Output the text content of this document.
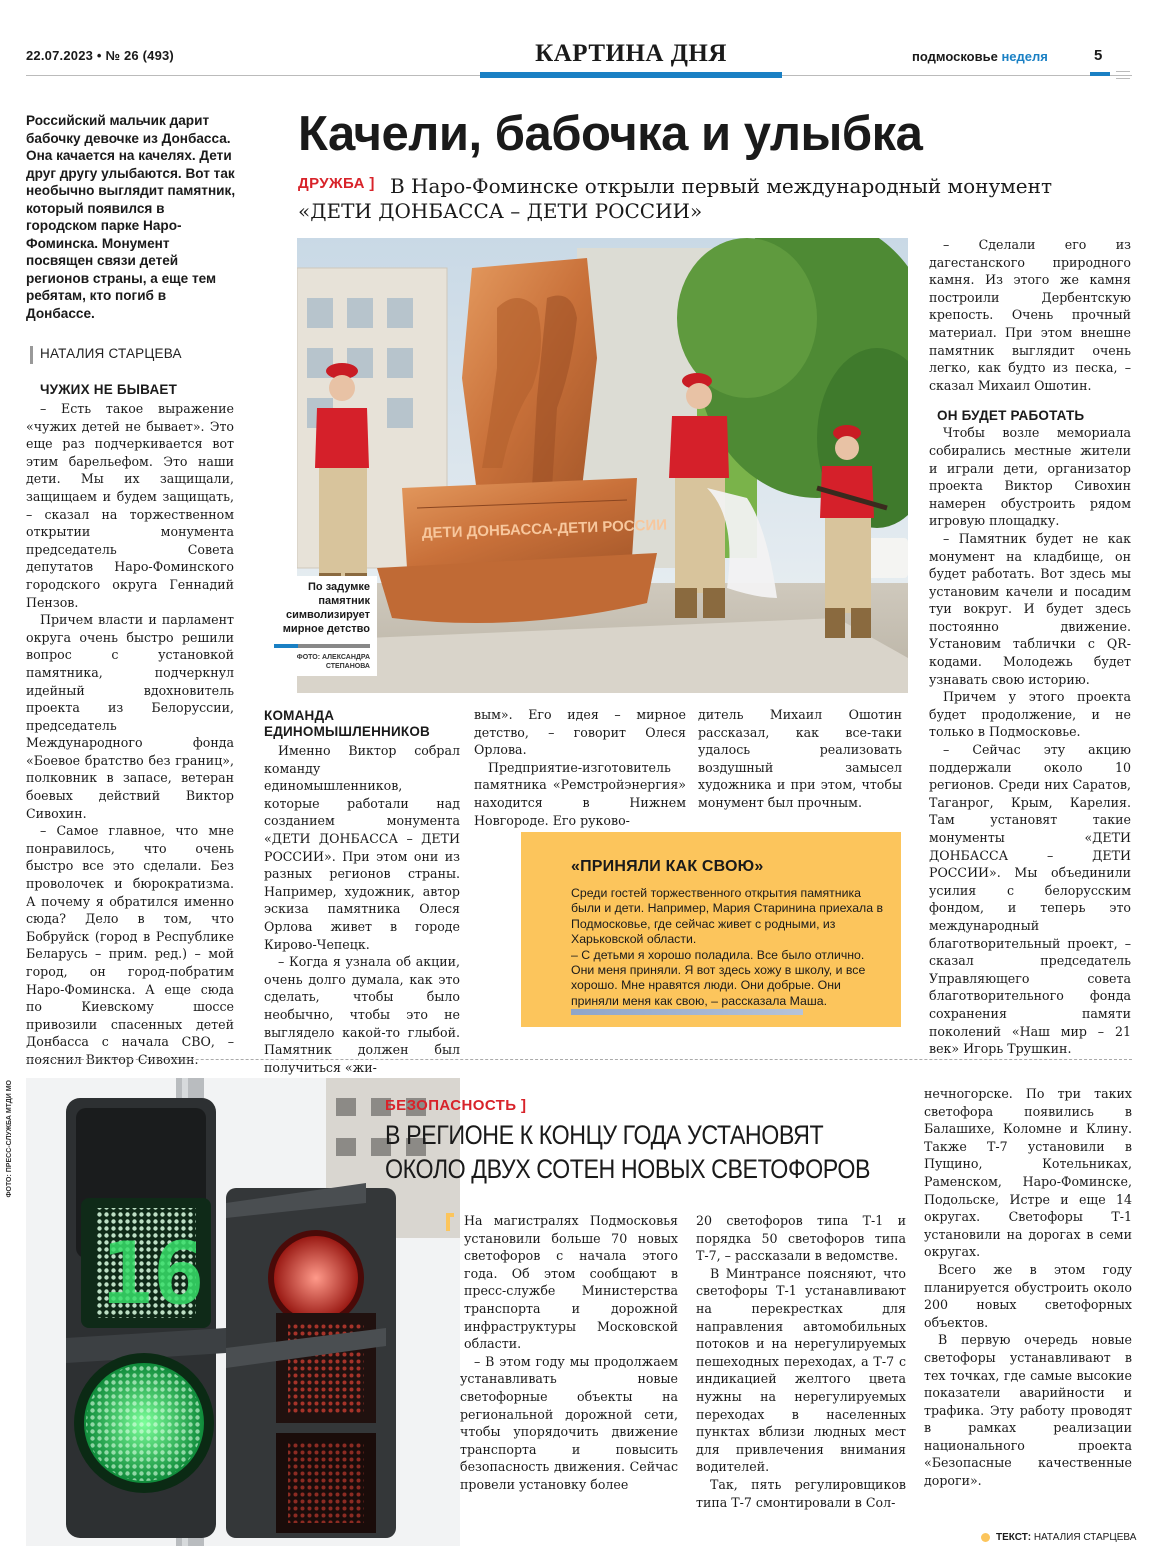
22.07.2023 • № 26 (493)	КАРТИНА ДНЯ	подмосковье неделя	5
Российский мальчик дарит бабочку девочке из Донбасса. Она качается на качелях. Дети друг другу улыбаются. Вот так необычно выглядит памятник, который появился в городском парке Наро-Фоминска. Монумент посвящен связи детей регионов страны, а еще тем ребятам, кто погиб в Донбассе.
НАТАЛИЯ СТАРЦЕВА
Качели, бабочка и улыбка
В Наро-Фоминске открыли первый международный монумент «ДЕТИ ДОНБАССА – ДЕТИ РОССИИ»
ДРУЖБА ]
ДЕТИ ДОНБАССА-ДЕТИ РОССИИ
По задумке памятник символизирует мирное детство
ФОТО: АЛЕКСАНДРА СТЕПАНОВА
ЧУЖИХ НЕ БЫВАЕТ

– Есть такое выражение «чужих детей не бывает». Это еще раз подчеркивается вот этим барельефом. Это наши дети. Мы их защищали, защищаем и будем защищать, – сказал на торжественном открытии монумента председатель Совета депутатов Наро-Фоминского городского округа Геннадий Пензов.

Причем власти и парламент округа очень быстро решили вопрос с установкой памятника, подчеркнул идейный вдохновитель проекта из Белоруссии, председатель Международного фонда «Боевое братство без границ», полковник в запасе, ветеран боевых действий Виктор Сивохин.

– Самое главное, что мне понравилось, что очень быстро все это сделали. Без проволочек и бюрократизма. А почему я обратился именно сюда? Дело в том, что Бобруйск (город в Республике Беларусь – прим. ред.) – мой город, он город-побратим Наро-Фоминска. А еще сюда по Киевскому шоссе привозили спасенных детей Донбасса с начала СВО, – пояснил Виктор Сивохин.

КОМАНДА ЕДИНОМЫШЛЕННИКОВ

Именно Виктор собрал команду единомышленников, которые работали над созданием монумента «ДЕТИ ДОНБАССА – ДЕТИ РОССИИ». При этом они из разных регионов страны. Например, художник, автор эскиза памятника Олеся Орлова живет в городе Кирово-Чепецк.

– Когда я узнала об акции, очень долго думала, как это сделать, чтобы было необычно, чтобы это не выглядело какой-то глыбой. Памятник должен был получиться «жи-

вым». Его идея – мирное детство, – говорит Олеся Орлова.

Предприятие-изготовитель памятника «Ремстройэнергия» находится в Нижнем Новгороде. Его руково-

дитель Михаил Ошотин рассказал, как все-таки удалось реализовать воздушный замысел художника и при этом, чтобы монумент был прочным.

– Сделали его из дагестанского природного камня. Из этого же камня построили Дербентскую крепость. Очень прочный материал. При этом внешне памятник выглядит очень легко, как будто из песка, – сказал Михаил Ошотин.

ОН БУДЕТ РАБОТАТЬ

Чтобы возле мемориала собирались местные жители и играли дети, организатор проекта Виктор Сивохин намерен обустроить рядом игровую площадку.

– Памятник будет не как монумент на кладбище, он будет работать. Вот здесь мы установим качели и посадим туи вокруг. И будет здесь постоянно движение. Установим таблички с QR-кодами. Молодежь будет узнавать свою историю.

Причем у этого проекта будет продолжение, и не только в Подмосковье.

– Сейчас эту акцию поддержали около 10 регионов. Среди них Саратов, Таганрог, Крым, Карелия. Там установят такие монументы «ДЕТИ ДОНБАССА – ДЕТИ РОССИИ». Мы объединили усилия с белорусским фондом, и теперь это международный благотворительный проект, – сказал председатель Управляющего совета благотворительного фонда сохранения памяти поколений «Наш мир – 21 век» Игорь Трушкин.

«ПРИНЯЛИ КАК СВОЮ»
Среди гостей торжественного открытия памятника были и дети. Например, Мария Старинина приехала в Подмосковье, где сейчас живет с родными, из Харьковской области.
– С детьми я хорошо поладила. Все было отлично. Они меня приняли. Я вот здесь хожу в школу, и все хорошо. Мне нравятся люди. Они добрые. Они приняли меня как свою, – рассказала Маша.
16
ФОТО: ПРЕСС-СЛУЖБА МТДИ МО	БЕЗОПАСНОСТЬ ]
В РЕГИОНЕ К КОНЦУ ГОДА УСТАНОВЯТ
ОКОЛО ДВУХ СОТЕН НОВЫХ СВЕТОФОРОВ

На магистралях Подмосковья установили больше 70 новых светофоров с начала этого года. Об этом сообщают в пресс-службе Министерства транспорта и дорожной инфраструктуры Московской области.

– В этом году мы продолжаем устанавливать новые светофорные объекты на региональной дорожной сети, чтобы упорядочить движение транспорта и повысить безопасность движения. Сейчас провели установку более

20 светофоров типа Т-1 и порядка 50 светофоров типа Т-7, – рассказали в ведомстве.

В Минтрансе поясняют, что светофоры Т-1 устанавливают на перекрестках для направления автомобильных потоков и на нерегулируемых пешеходных переходах, а Т-7 с индикацией желтого цвета нужны на нерегулируемых переходах в населенных пунктах вблизи людных мест для привлечения внимания водителей.

Так, пять регулировщиков типа Т-7 смонтировали в Сол-

нечногорске. По три таких светофора появились в Балашихе, Коломне и Клину. Также Т-7 установили в Пущино, Котельниках, Раменском, Наро-Фоминске, Подольске, Истре и еще 14 округах. Светофоры Т-1 установили на дорогах в семи округах.

Всего же в этом году планируется обустроить около 200 новых светофорных объектов.

В первую очередь новые светофоры устанавливают в тех точках, где самые высокие показатели аварийности и трафика. Эту работу проводят в рамках реализации национального проекта «Безопасные качественные дороги».

ТЕКСТ: НАТАЛИЯ СТАРЦЕВА
